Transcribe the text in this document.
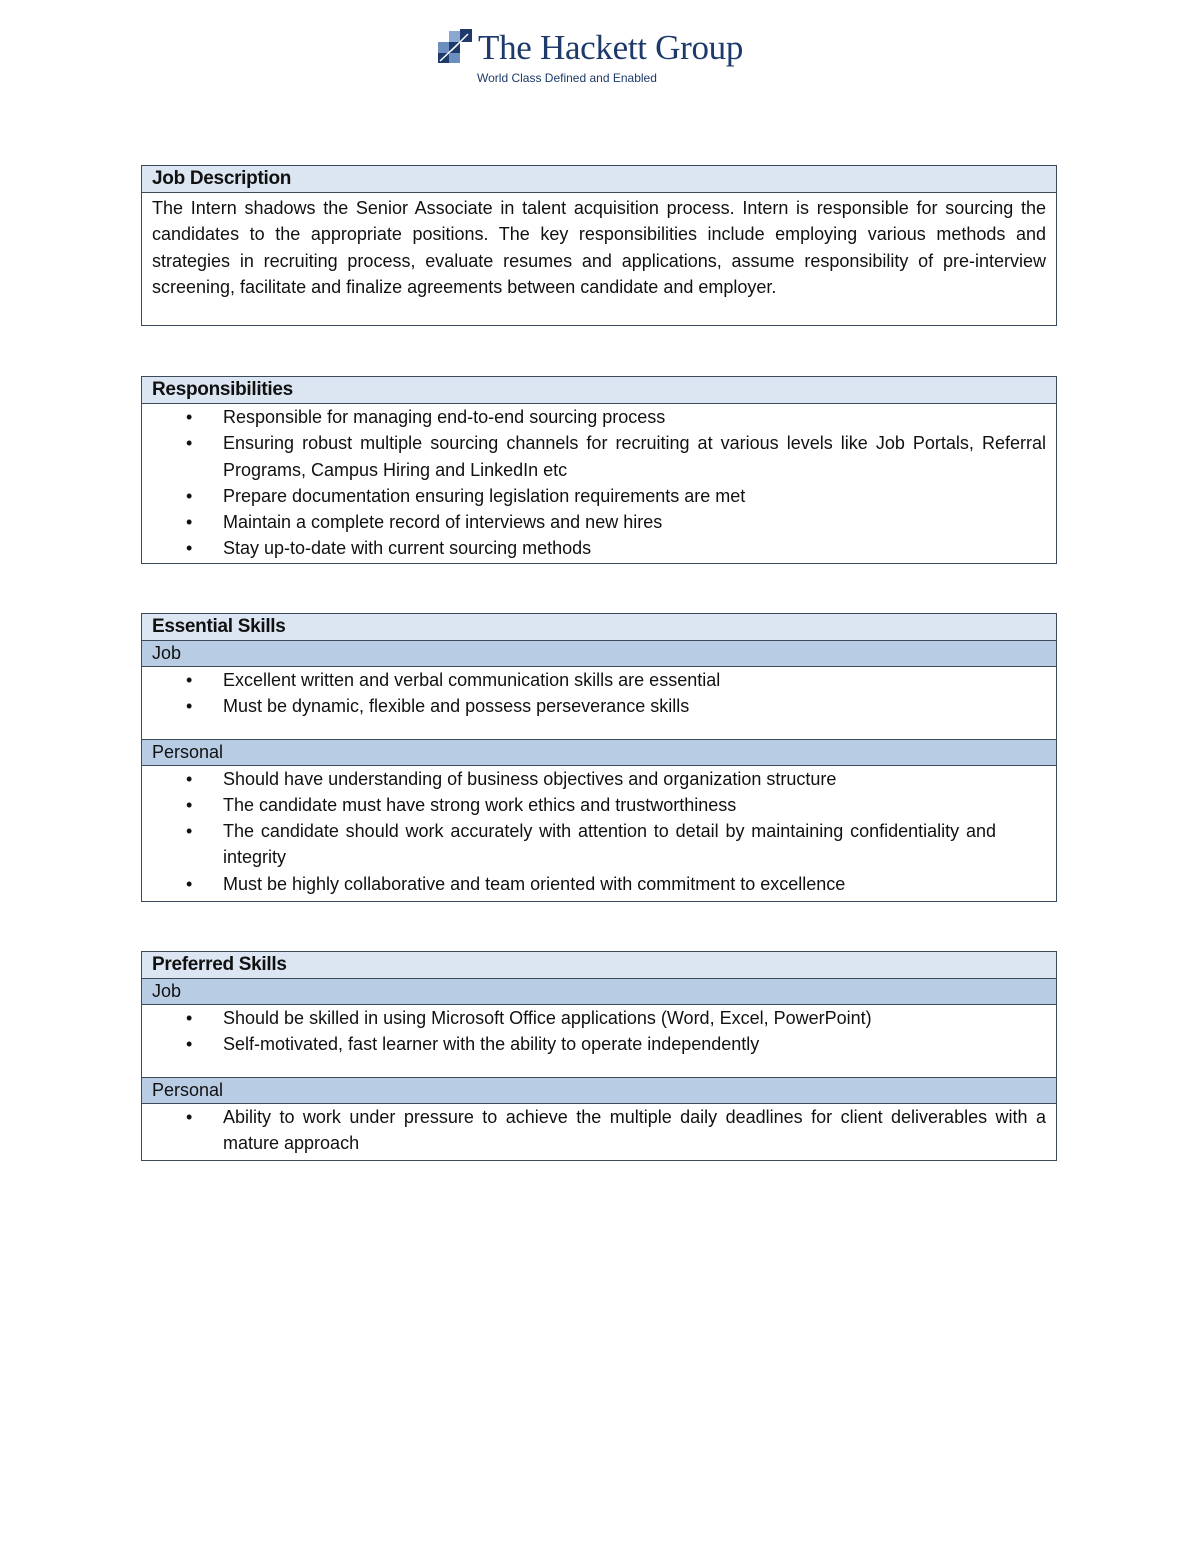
The Hackett Group
World Class Defined and Enabled
Job Description
The Intern shadows the Senior Associate in talent acquisition process. Intern is responsible for sourcing the candidates to the appropriate positions. The key responsibilities include employing various methods and strategies in recruiting process, evaluate resumes and applications, assume responsibility of pre-interview screening, facilitate and finalize agreements between candidate and employer.
Responsibilities
• Responsible for managing end-to-end sourcing process
• Ensuring robust multiple sourcing channels for recruiting at various levels like Job Portals, Referral Programs, Campus Hiring and LinkedIn etc
• Prepare documentation ensuring legislation requirements are met
• Maintain a complete record of interviews and new hires
• Stay up-to-date with current sourcing methods
Essential Skills
Job
• Excellent written and verbal communication skills are essential
• Must be dynamic, flexible and possess perseverance skills
Personal
• Should have understanding of business objectives and organization structure
• The candidate must have strong work ethics and trustworthiness
• The candidate should work accurately with attention to detail by maintaining confidentiality and integrity
• Must be highly collaborative and team oriented with commitment to excellence
Preferred Skills
Job
• Should be skilled in using Microsoft Office applications (Word, Excel, PowerPoint)
• Self-motivated, fast learner with the ability to operate independently
Personal
• Ability to work under pressure to achieve the multiple daily deadlines for client deliverables with a mature approach
